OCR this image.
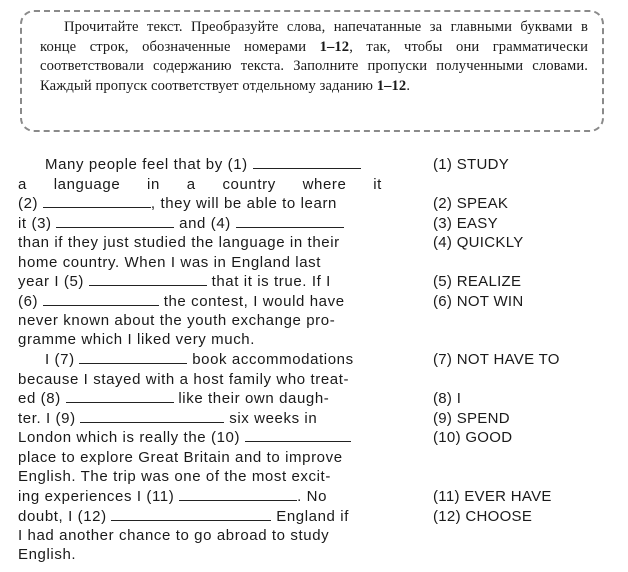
Прочитайте текст. Преобразуйте слова, напечатанные за главными буквами в конце строк, обозначенные номерами 1–12, так, чтобы они грамматически соответствовали содержанию текста. Заполните пропуски полученными словами. Каждый пропуск соответствует отдельному заданию 1–12.
Many people feel that by (1)
a language in a country where it
(2)	, they will be able to learn
it (3)	and (4)
than if they just studied the language in their
home country. When I was in England last
year I (5)	that it is true. If I
(6)	the contest, I would have
never known about the youth exchange pro-
gramme which I liked very much.
I (7)	book accommodations
because I stayed with a host family who treat-
ed (8)	like their own daugh-
ter. I (9)	six weeks in
London which is really the (10)
place to explore Great Britain and to improve
English. The trip was one of the most excit-
ing experiences I (11)	. No
doubt, I (12)	England if
I had another chance to go abroad to study
English.
(1) STUDY
(2) SPEAK
(3) EASY
(4) QUICKLY
(5) REALIZE
(6) NOT WIN
(7) NOT HAVE TO
(8) I
(9) SPEND
(10) GOOD
(11) EVER HAVE
(12) CHOOSE
